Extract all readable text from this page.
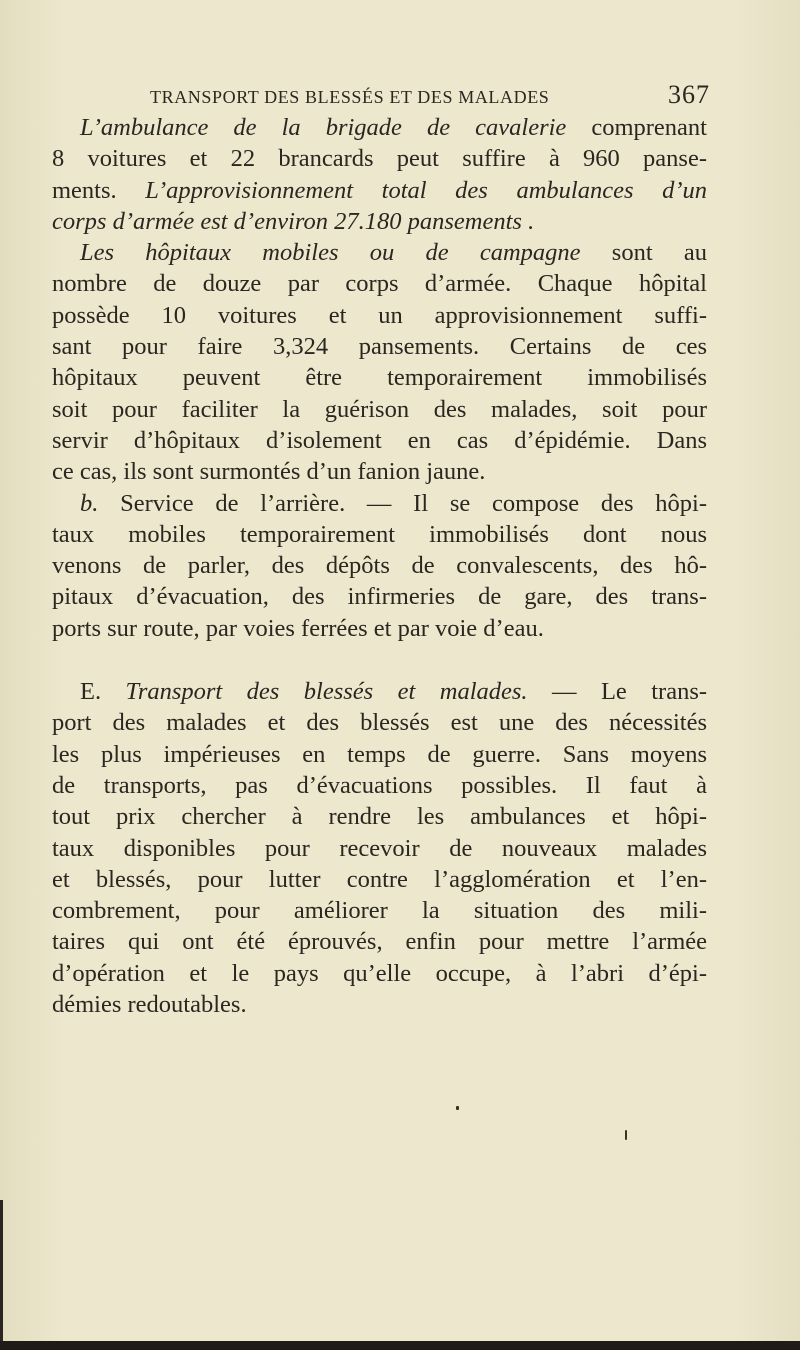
TRANSPORT DES BLESSÉS ET DES MALADES	367
L’ambulance de la brigade de cavalerie comprenant
8 voitures et 22 brancards peut suffire à 960 panse-
ments. L’approvisionnement total des ambulances d’un
corps d’armée est d’environ 27.180 pansements .
Les hôpitaux mobiles ou de campagne sont au
nombre de douze par corps d’armée. Chaque hôpital
possède 10 voitures et un approvisionnement suffi-
sant pour faire 3,324 pansements. Certains de ces
hôpitaux peuvent être temporairement immobilisés
soit pour faciliter la guérison des malades, soit pour
servir d’hôpitaux d’isolement en cas d’épidémie. Dans
ce cas, ils sont surmontés d’un fanion jaune.
b. Service de l’arrière. — Il se compose des hôpi-
taux mobiles temporairement immobilisés dont nous
venons de parler, des dépôts de convalescents, des hô-
pitaux d’évacuation, des infirmeries de gare, des trans-
ports sur route, par voies ferrées et par voie d’eau.
E. Transport des blessés et malades. — Le trans-
port des malades et des blessés est une des nécessités
les plus impérieuses en temps de guerre. Sans moyens
de transports, pas d’évacuations possibles. Il faut à
tout prix chercher à rendre les ambulances et hôpi-
taux disponibles pour recevoir de nouveaux malades
et blessés, pour lutter contre l’agglomération et l’en-
combrement, pour améliorer la situation des mili-
taires qui ont été éprouvés, enfin pour mettre l’armée
d’opération et le pays qu’elle occupe, à l’abri d’épi-
démies redoutables.
